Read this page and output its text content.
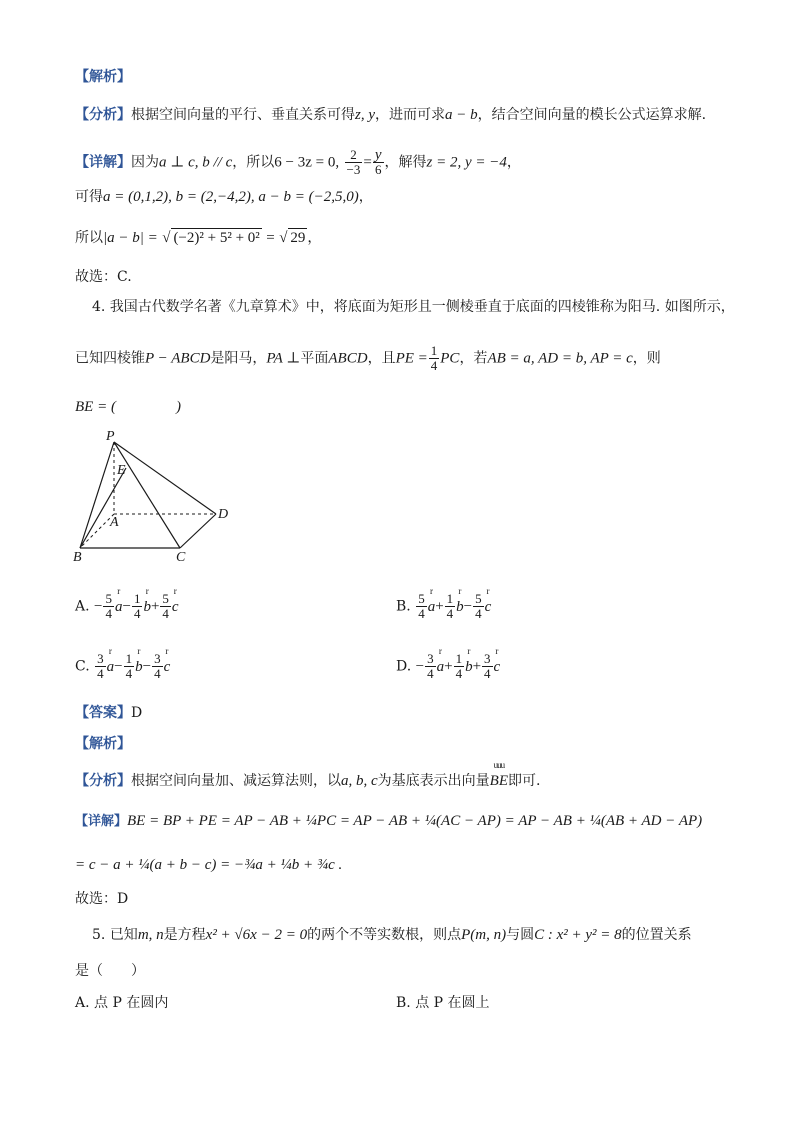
【解析】
【分析】根据空间向量的平行、垂直关系可得z, y，进而可求a − b，结合空间向量的模长公式运算求解.
【详解】因为a ⊥ c, b // c，所以6 − 3z = 0, $\frac{2}{-3} = \frac{y}{6}$ ，解得z = 2, y = −4，
可得a = (0,1,2), b = (2,−4,2), a − b = (−2,5,0)，
所以|a − b| = √ (−2)² + 5² + 0² = √ 29 ，
故选：C.
4. 我国古代数学名著《九章算术》中，将底面为矩形且一侧棱垂直于底面的四棱锥称为阳马. 如图所示，
已知四棱锥P − ABCD是阳马，PA ⊥平面ABCD，且PE = $\frac{1}{4}$ PC，若AB = a, AD = b, AP = c，则
BE = (　　　　)
P
E
A
B	C
D
A. − $\frac{5}{4}$ r $a- \frac{1}{4}$ r $b+ \frac{5}{4}$ r c	B. $\frac{5}{4}$ r $a+ \frac{1}{4}$ r $b- \frac{5}{4}$ r c
C. $\frac{3}{4}$ r $a- \frac{1}{4}$ r $b- \frac{3}{4}$ r c	D. − $\frac{3}{4}$ r $a+ \frac{1}{4}$ r $b+ \frac{3}{4}$ r c
【答案】D
【解析】
【分析】根据空间向量加、减运算法则，以a, b, c为基底表示出向量uuu BE即可.
【详解】BE = BP + PE = AP − AB + ¼PC = AP − AB + ¼(AC − AP) = AP − AB + ¼(AB + AD − AP)
= c − a + ¼(a + b − c) = −¾a + ¼b + ¾c .
故选：D
5. 已知m, n是方程x² + √6x − 2 = 0的两个不等实数根，则点P(m, n)与圆C : x² + y² = 8的位置关系
是（　　）
A. 点 P 在圆内	B. 点 P 在圆上
